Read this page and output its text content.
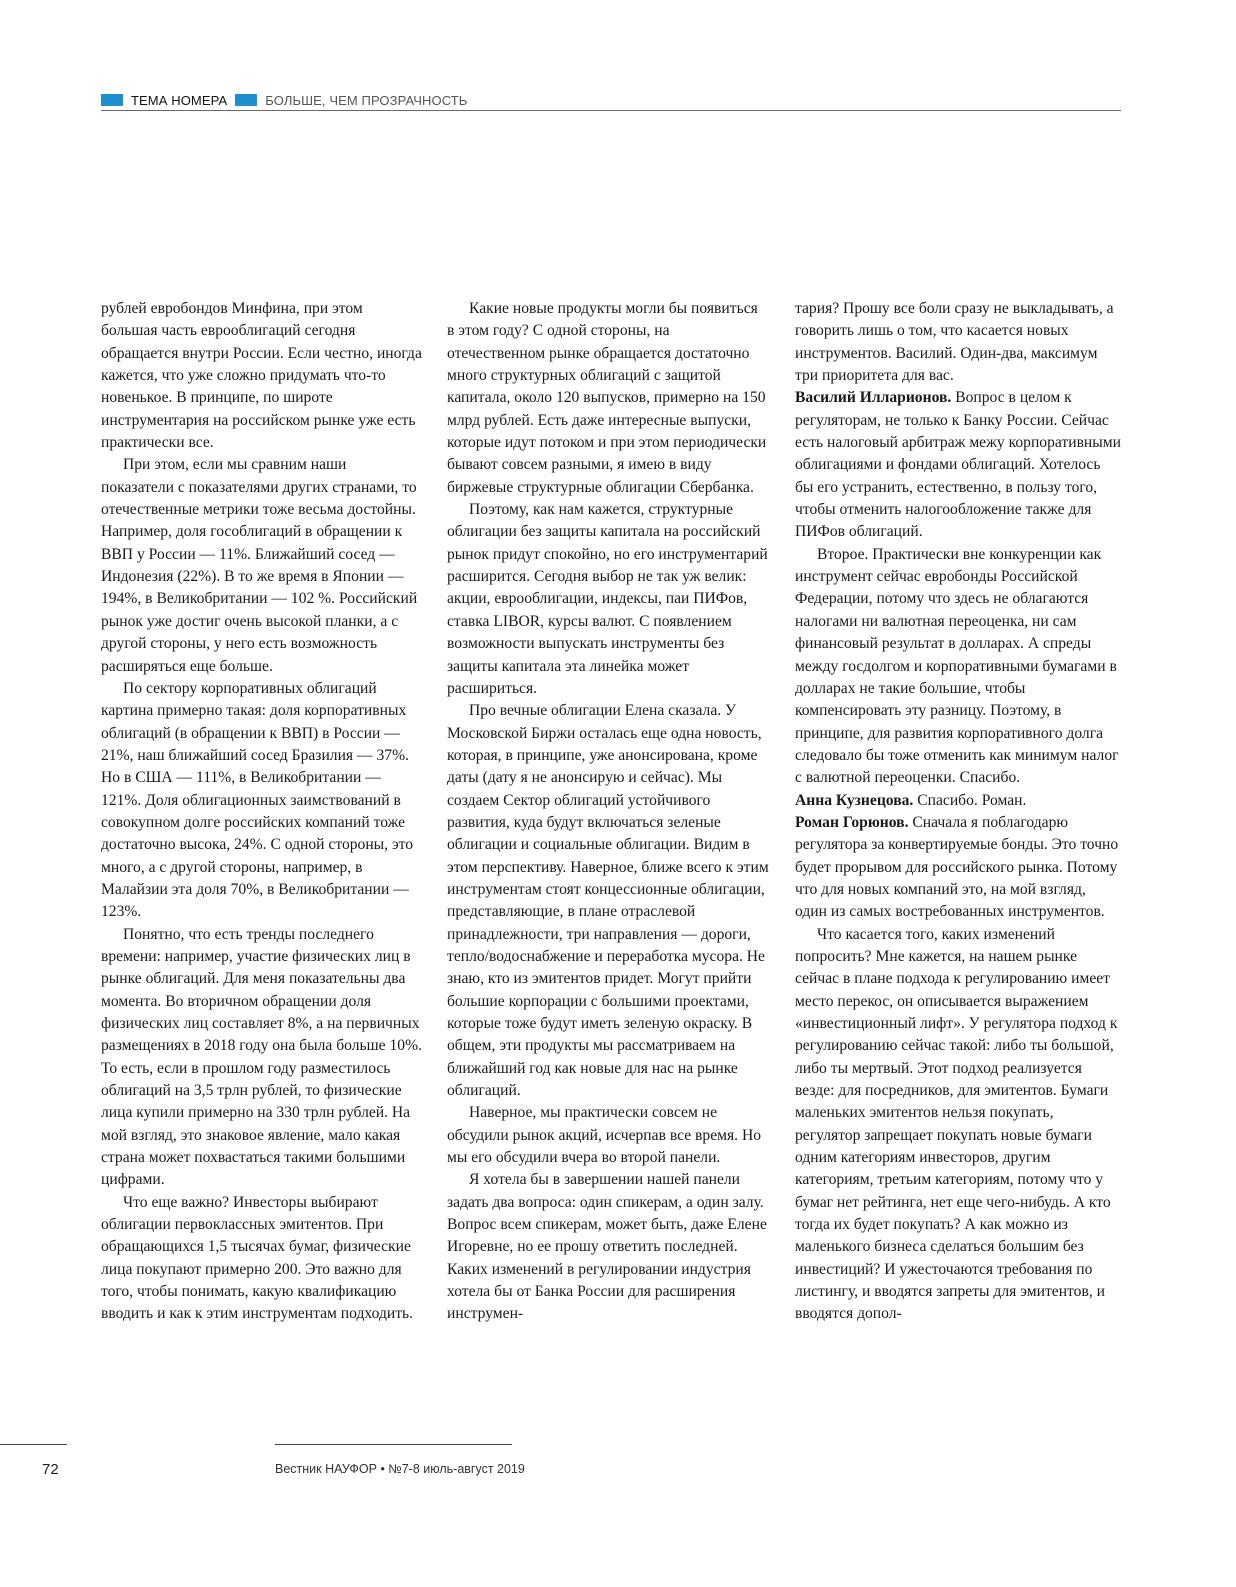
ТЕМА НОМЕРА	БОЛЬШЕ, ЧЕМ ПРОЗРАЧНОСТЬ

рублей евробондов Минфина, при этом большая часть еврооблигаций сегодня обращается внутри России. Если честно, иногда кажется, что уже сложно придумать что-то новенькое. В принципе, по широте инструментария на российском рынке уже есть практически все.

При этом, если мы сравним наши показатели с показателями других странами, то отечественные метрики тоже весьма достойны. Например, доля гособлигаций в обращении к ВВП у России — 11%. Ближайший сосед — Индонезия (22%). В то же время в Японии — 194%, в Великобритании — 102 %. Российский рынок уже достиг очень высокой планки, а с другой стороны, у него есть возможность расширяться еще больше.

По сектору корпоративных облигаций картина примерно такая: доля корпоративных облигаций (в обращении к ВВП) в России — 21%, наш ближайший сосед Бразилия — 37%. Но в США — 111%, в Великобритании — 121%. Доля облигационных заимствований в совокупном долге российских компаний тоже достаточно высока, 24%. С одной стороны, это много, а с другой стороны, например, в Малайзии эта доля 70%, в Великобритании — 123%.

Понятно, что есть тренды последнего времени: например, участие физических лиц в рынке облигаций. Для меня показательны два момента. Во вторичном обращении доля физических лиц составляет 8%, а на первичных размещениях в 2018 году она была больше 10%. То есть, если в прошлом году разместилось облигаций на 3,5 трлн рублей, то физические лица купили примерно на 330 трлн рублей. На мой взгляд, это знаковое явление, мало какая страна может похвастаться такими большими цифрами.

Что еще важно? Инвесторы выбирают облигации первоклассных эмитентов. При обращающихся 1,5 тысячах бумаг, физические лица покупают примерно 200. Это важно для того, чтобы понимать, какую квалификацию вводить и как к этим инструментам подходить.

Какие новые продукты могли бы появиться в этом году? С одной стороны, на отечественном рынке обращается достаточно много структурных облигаций с защитой капитала, около 120 выпусков, примерно на 150 млрд рублей. Есть даже интересные выпуски, которые идут потоком и при этом периодически бывают совсем разными, я имею в виду биржевые структурные облигации Сбербанка.

Поэтому, как нам кажется, структурные облигации без защиты капитала на российский рынок придут спокойно, но его инструментарий расширится. Сегодня выбор не так уж велик: акции, еврооблигации, индексы, паи ПИФов, ставка LIBOR, курсы валют. С появлением возможности выпускать инструменты без защиты капитала эта линейка может расшириться.

Про вечные облигации Елена сказала. У Московской Биржи осталась еще одна новость, которая, в принципе, уже анонсирована, кроме даты (дату я не анонсирую и сейчас). Мы создаем Сектор облигаций устойчивого развития, куда будут включаться зеленые облигации и социальные облигации. Видим в этом перспективу. Наверное, ближе всего к этим инструментам стоят концессионные облигации, представляющие, в плане отраслевой принадлежности, три направления — дороги, тепло/водоснабжение и переработка мусора. Не знаю, кто из эмитентов придет. Могут прийти большие корпорации с большими проектами, которые тоже будут иметь зеленую окраску. В общем, эти продукты мы рассматриваем на ближайший год как новые для нас на рынке облигаций.

Наверное, мы практически совсем не обсудили рынок акций, исчерпав все время. Но мы его обсудили вчера во второй панели.

Я хотела бы в завершении нашей панели задать два вопроса: один спикерам, а один залу. Вопрос всем спикерам, может быть, даже Елене Игоревне, но ее прошу ответить последней. Каких изменений в регулировании индустрия хотела бы от Банка России для расширения инструмен-

тария? Прошу все боли сразу не выкладывать, а говорить лишь о том, что касается новых инструментов. Василий. Один-два, максимум три приоритета для вас.

Василий Илларионов. Вопрос в целом к регуляторам, не только к Банку России. Сейчас есть налоговый арбитраж межу корпоративными облигациями и фондами облигаций. Хотелось бы его устранить, естественно, в пользу того, чтобы отменить налогообложение также для ПИФов облигаций.

Второе. Практически вне конкуренции как инструмент сейчас евробонды Российской Федерации, потому что здесь не облагаются налогами ни валютная переоценка, ни сам финансовый результат в долларах. А спреды между госдолгом и корпоративными бумагами в долларах не такие большие, чтобы компенсировать эту разницу. Поэтому, в принципе, для развития корпоративного долга следовало бы тоже отменить как минимум налог с валютной переоценки. Спасибо.

Анна Кузнецова. Спасибо. Роман.

Роман Горюнов. Сначала я поблагодарю регулятора за конвертируемые бонды. Это точно будет прорывом для российского рынка. Потому что для новых компаний это, на мой взгляд, один из самых востребованных инструментов.

Что касается того, каких изменений попросить? Мне кажется, на нашем рынке сейчас в плане подхода к регулированию имеет место перекос, он описывается выражением «инвестиционный лифт». У регулятора подход к регулированию сейчас такой: либо ты большой, либо ты мертвый. Этот подход реализуется везде: для посредников, для эмитентов. Бумаги маленьких эмитентов нельзя покупать, регулятор запрещает покупать новые бумаги одним категориям инвесторов, другим категориям, третьим категориям, потому что у бумаг нет рейтинга, нет еще чего-нибудь. А кто тогда их будет покупать? А как можно из маленького бизнеса сделаться большим без инвестиций? И ужесточаются требования по листингу, и вводятся запреты для эмитентов, и вводятся допол-

72	Вестник НАУФОР • №7-8 июль-август 2019
